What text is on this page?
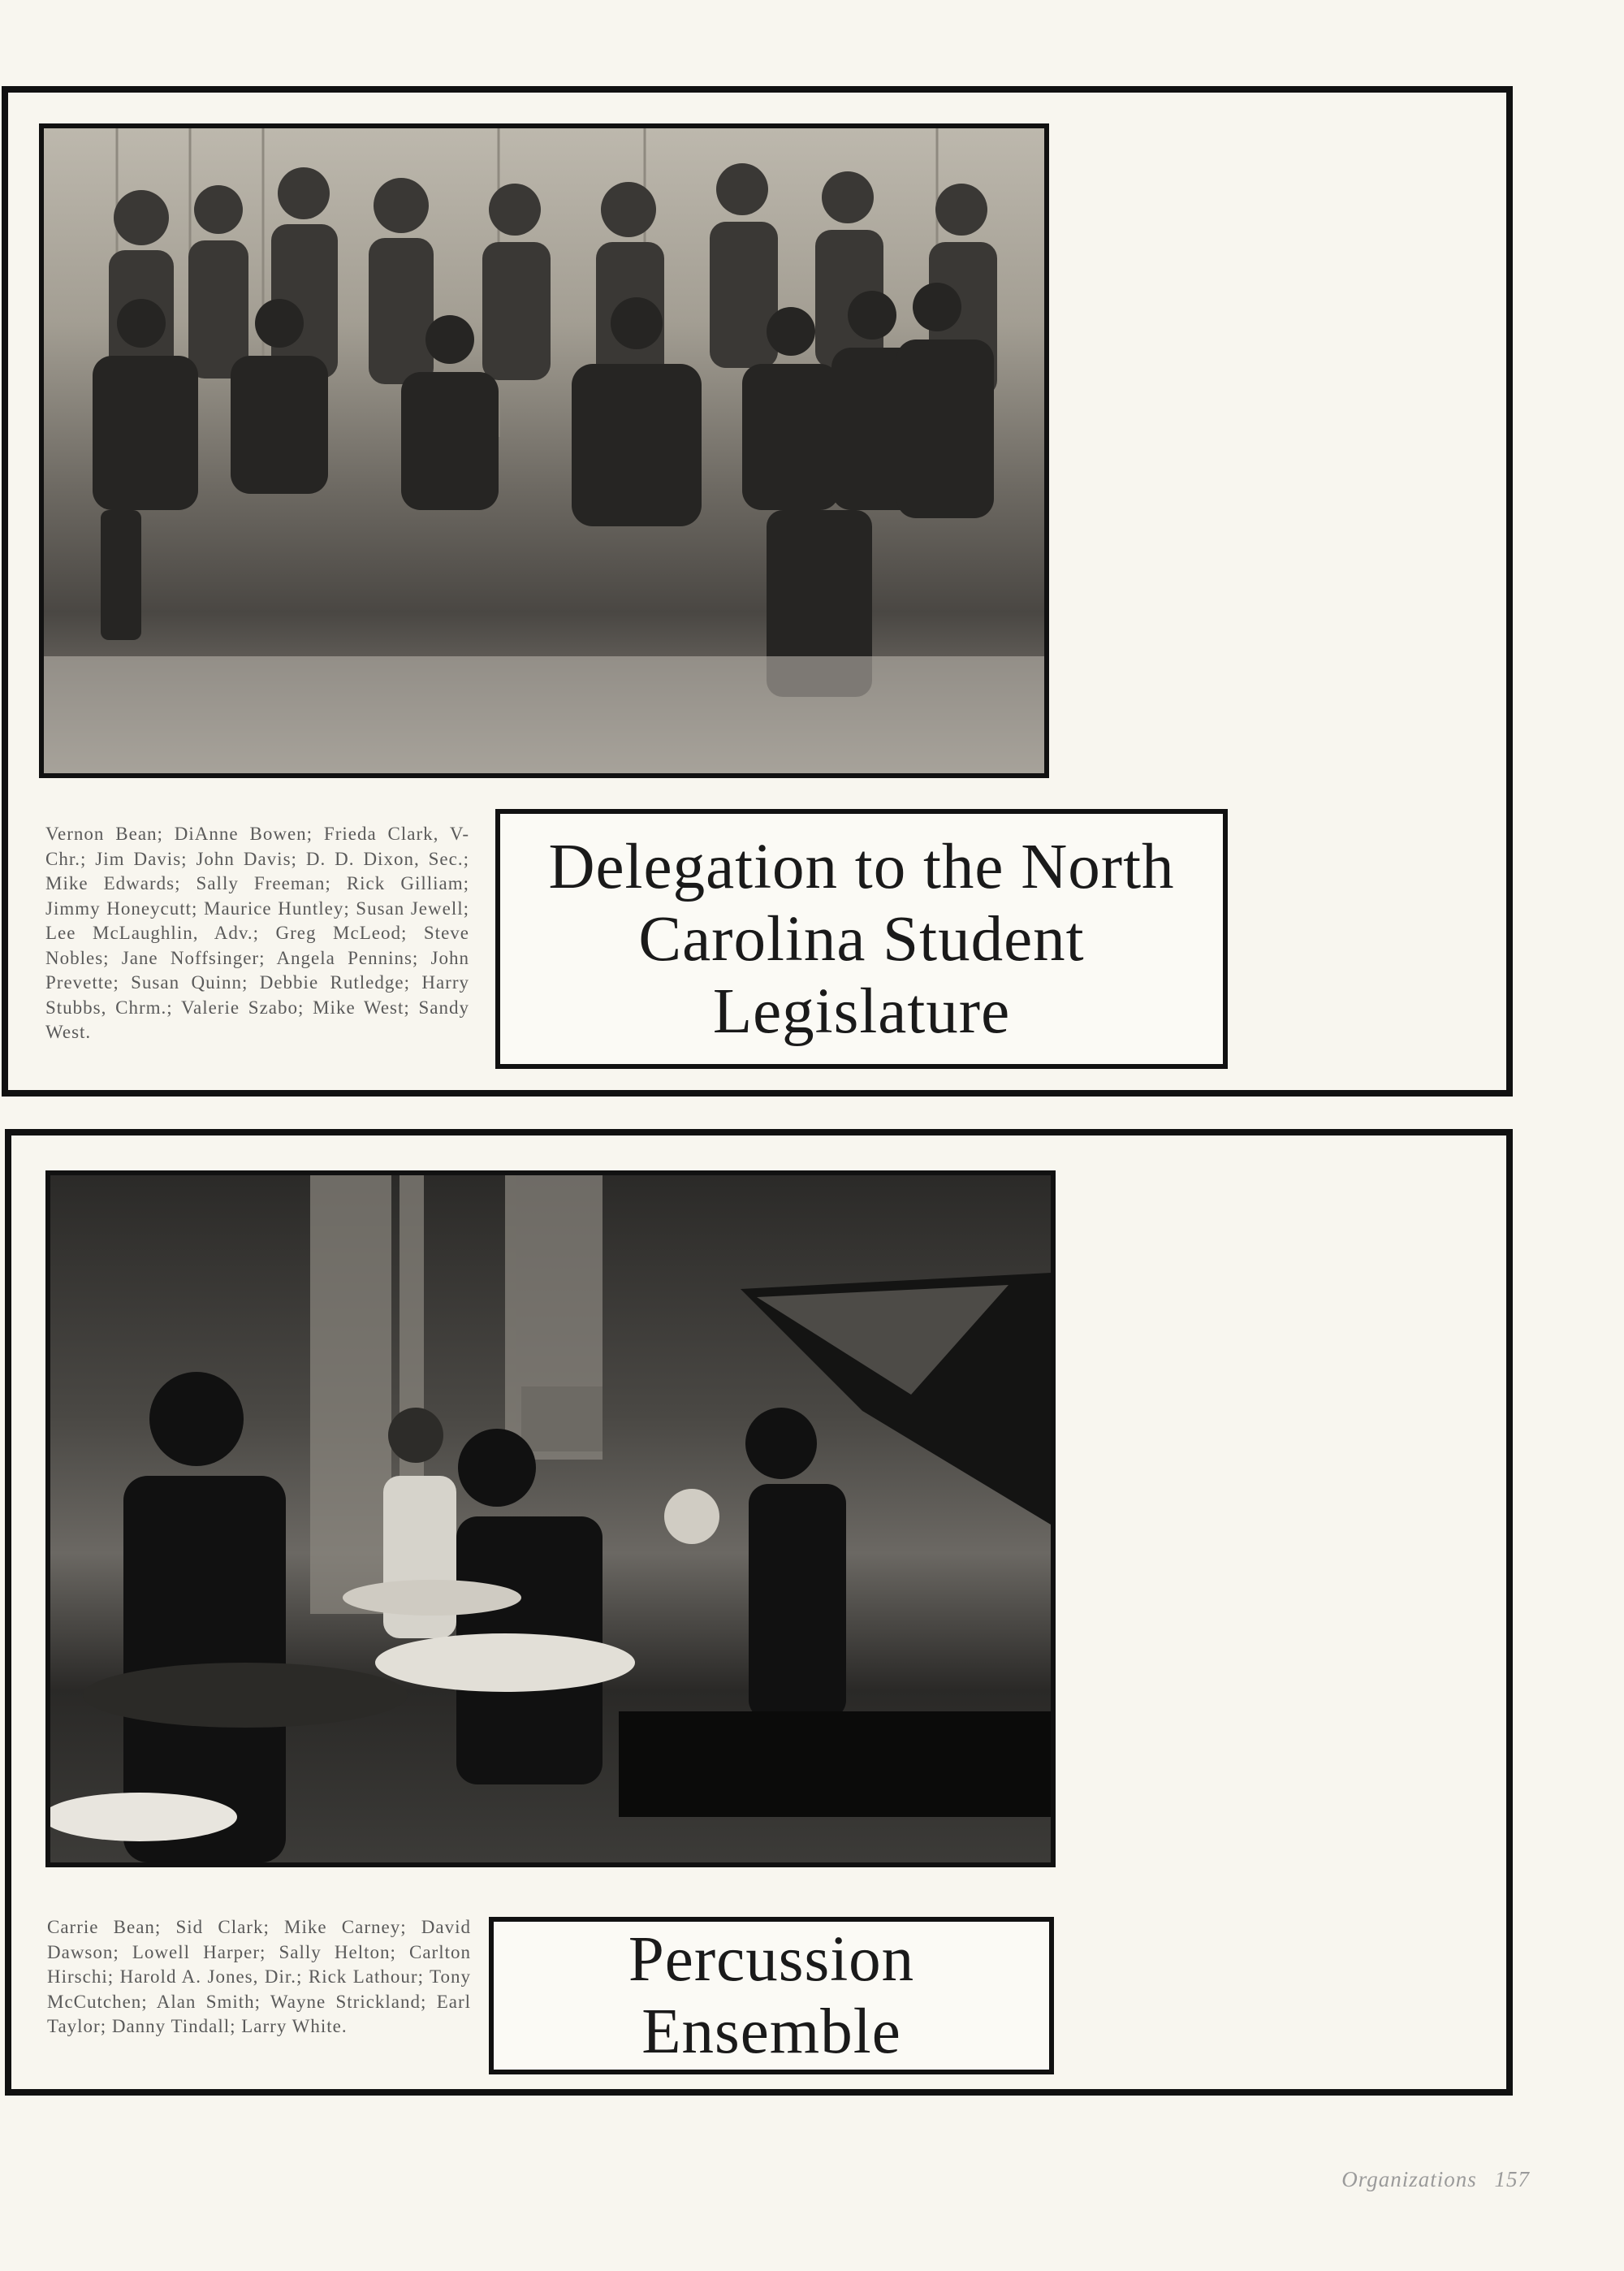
Vernon Bean; DiAnne Bowen; Frieda Clark, V-Chr.; Jim Davis; John Davis; D. D. Dixon, Sec.; Mike Edwards; Sally Freeman; Rick Gilliam; Jimmy Honeycutt; Maurice Huntley; Susan Jewell; Lee McLaughlin, Adv.; Greg McLeod; Steve Nobles; Jane Noffsinger; Angela Pennins; John Prevette; Susan Quinn; Debbie Rutledge; Harry Stubbs, Chrm.; Valerie Szabo; Mike West; Sandy West.

Delegation to the North Carolina Student Legislature

Carrie Bean; Sid Clark; Mike Carney; David Dawson; Lowell Harper; Sally Helton; Carlton Hirschi; Harold A. Jones, Dir.; Rick Lathour; Tony McCutchen; Alan Smith; Wayne Strickland; Earl Taylor; Danny Tindall; Larry White.

Percussion Ensemble
Organizations 157
